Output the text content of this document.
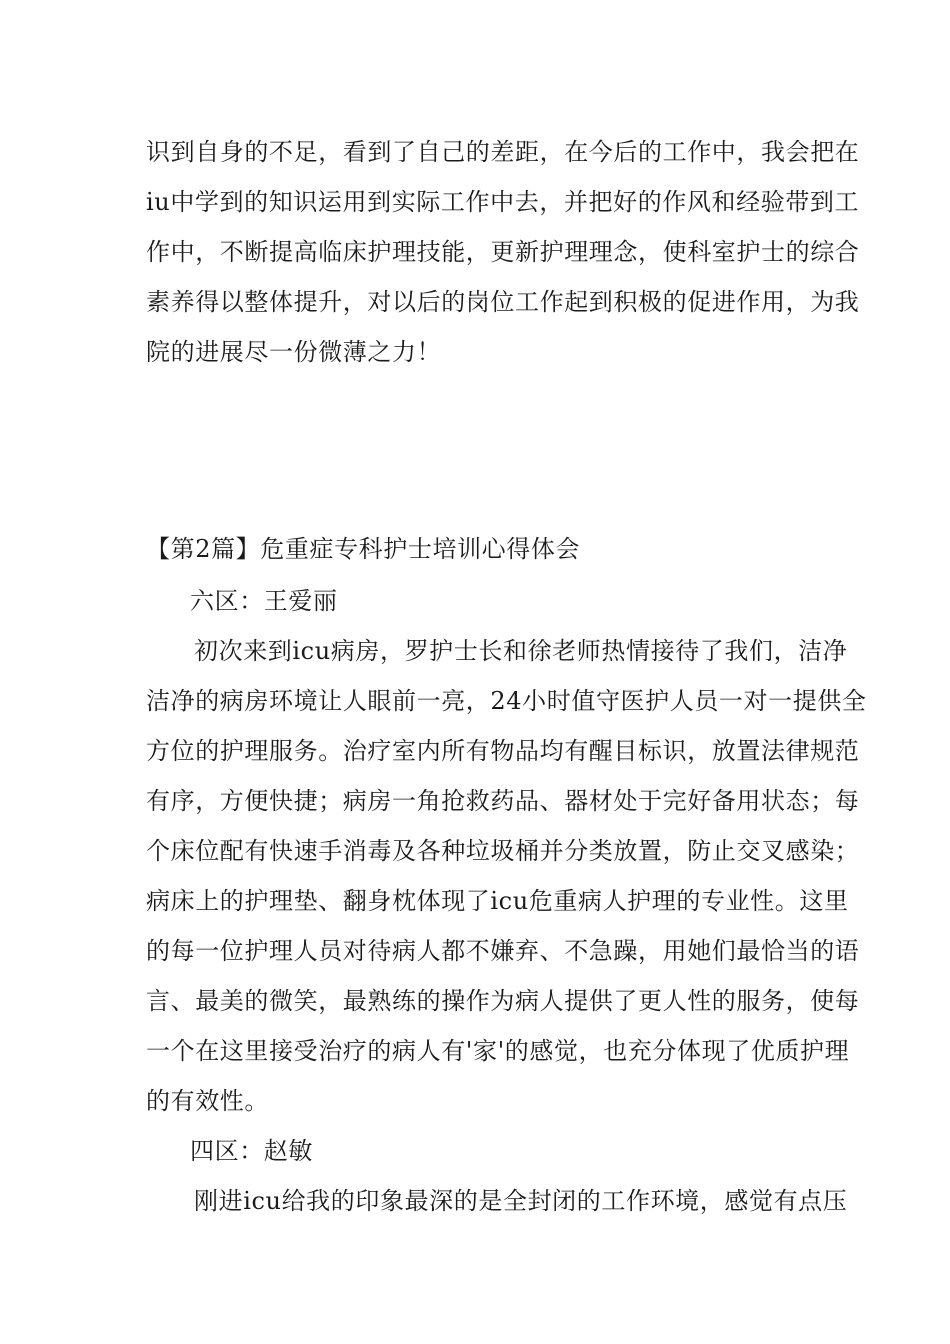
识到自身的不足，看到了自己的差距，在今后的工作中，我会把在
iu中学到的知识运用到实际工作中去，并把好的作风和经验带到工
作中，不断提高临床护理技能，更新护理理念，使科室护士的综合
素养得以整体提升，对以后的岗位工作起到积极的促进作用，为我
院的进展尽一份微薄之力！
【第2篇】危重症专科护士培训心得体会
六区：王爱丽
初次来到icu病房，罗护士长和徐老师热情接待了我们，洁净
洁净的病房环境让人眼前一亮，24小时值守医护人员一对一提供全
方位的护理服务。治疗室内所有物品均有醒目标识，放置法律规范
有序，方便快捷；病房一角抢救药品、器材处于完好备用状态；每
个床位配有快速手消毒及各种垃圾桶并分类放置，防止交叉感染；
病床上的护理垫、翻身枕体现了icu危重病人护理的专业性。这里
的每一位护理人员对待病人都不嫌弃、不急躁，用她们最恰当的语
言、最美的微笑，最熟练的操作为病人提供了更人性的服务，使每
一个在这里接受治疗的病人有'家'的感觉，也充分体现了优质护理
的有效性。
四区：赵敏
刚进icu给我的印象最深的是全封闭的工作环境，感觉有点压
